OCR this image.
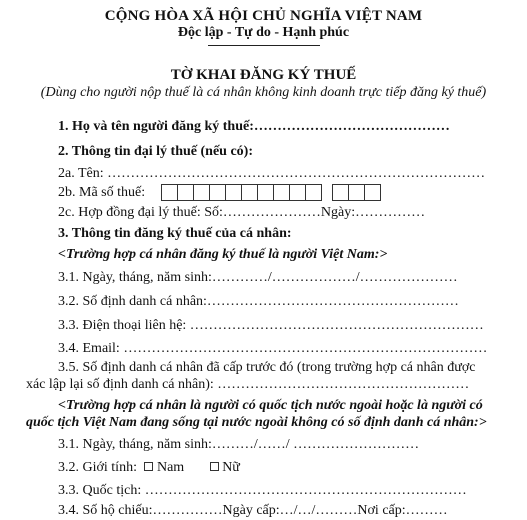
CỘNG HÒA XÃ HỘI CHỦ NGHĨA VIỆT NAM
Độc lập - Tự do - Hạnh phúc
TỜ KHAI ĐĂNG KÝ THUẾ
(Dùng cho người nộp thuế là cá nhân không kinh doanh trực tiếp đăng ký thuế)
1. Họ và tên người đăng ký thuế:……………………………………
2. Thông tin đại lý thuế (nếu có):
2a. Tên: ………………………………………………………………………
2b. Mã số thuế:
2c. Hợp đồng đại lý thuế: Số:…………………Ngày:……………
3. Thông tin đăng ký thuế của cá nhân:
<Trường hợp cá nhân đăng ký thuế là người Việt Nam:>
3.1. Ngày, tháng, năm sinh:…………/………………/…………………
3.2. Số định danh cá nhân:………………………………………………
3.3. Điện thoại liên hệ: ………………………………………………………
3.4. Email: ……………………………………………………………………
3.5. Số định danh cá nhân đã cấp trước đó (trong trường hợp cá nhân được
xác lập lại số định danh cá nhân): ………………………………………………
<Trường hợp cá nhân là người có quốc tịch nước ngoài hoặc là người có
quốc tịch Việt Nam đang sống tại nước ngoài không có số định danh cá nhân:>
3.1. Ngày, tháng, năm sinh:………/……/ ………………………
3.2. Giới tính: Nam	Nữ
3.3. Quốc tịch: ……………………………………………………………
3.4. Số hộ chiếu:……………Ngày cấp:…/…/………Nơi cấp:………
